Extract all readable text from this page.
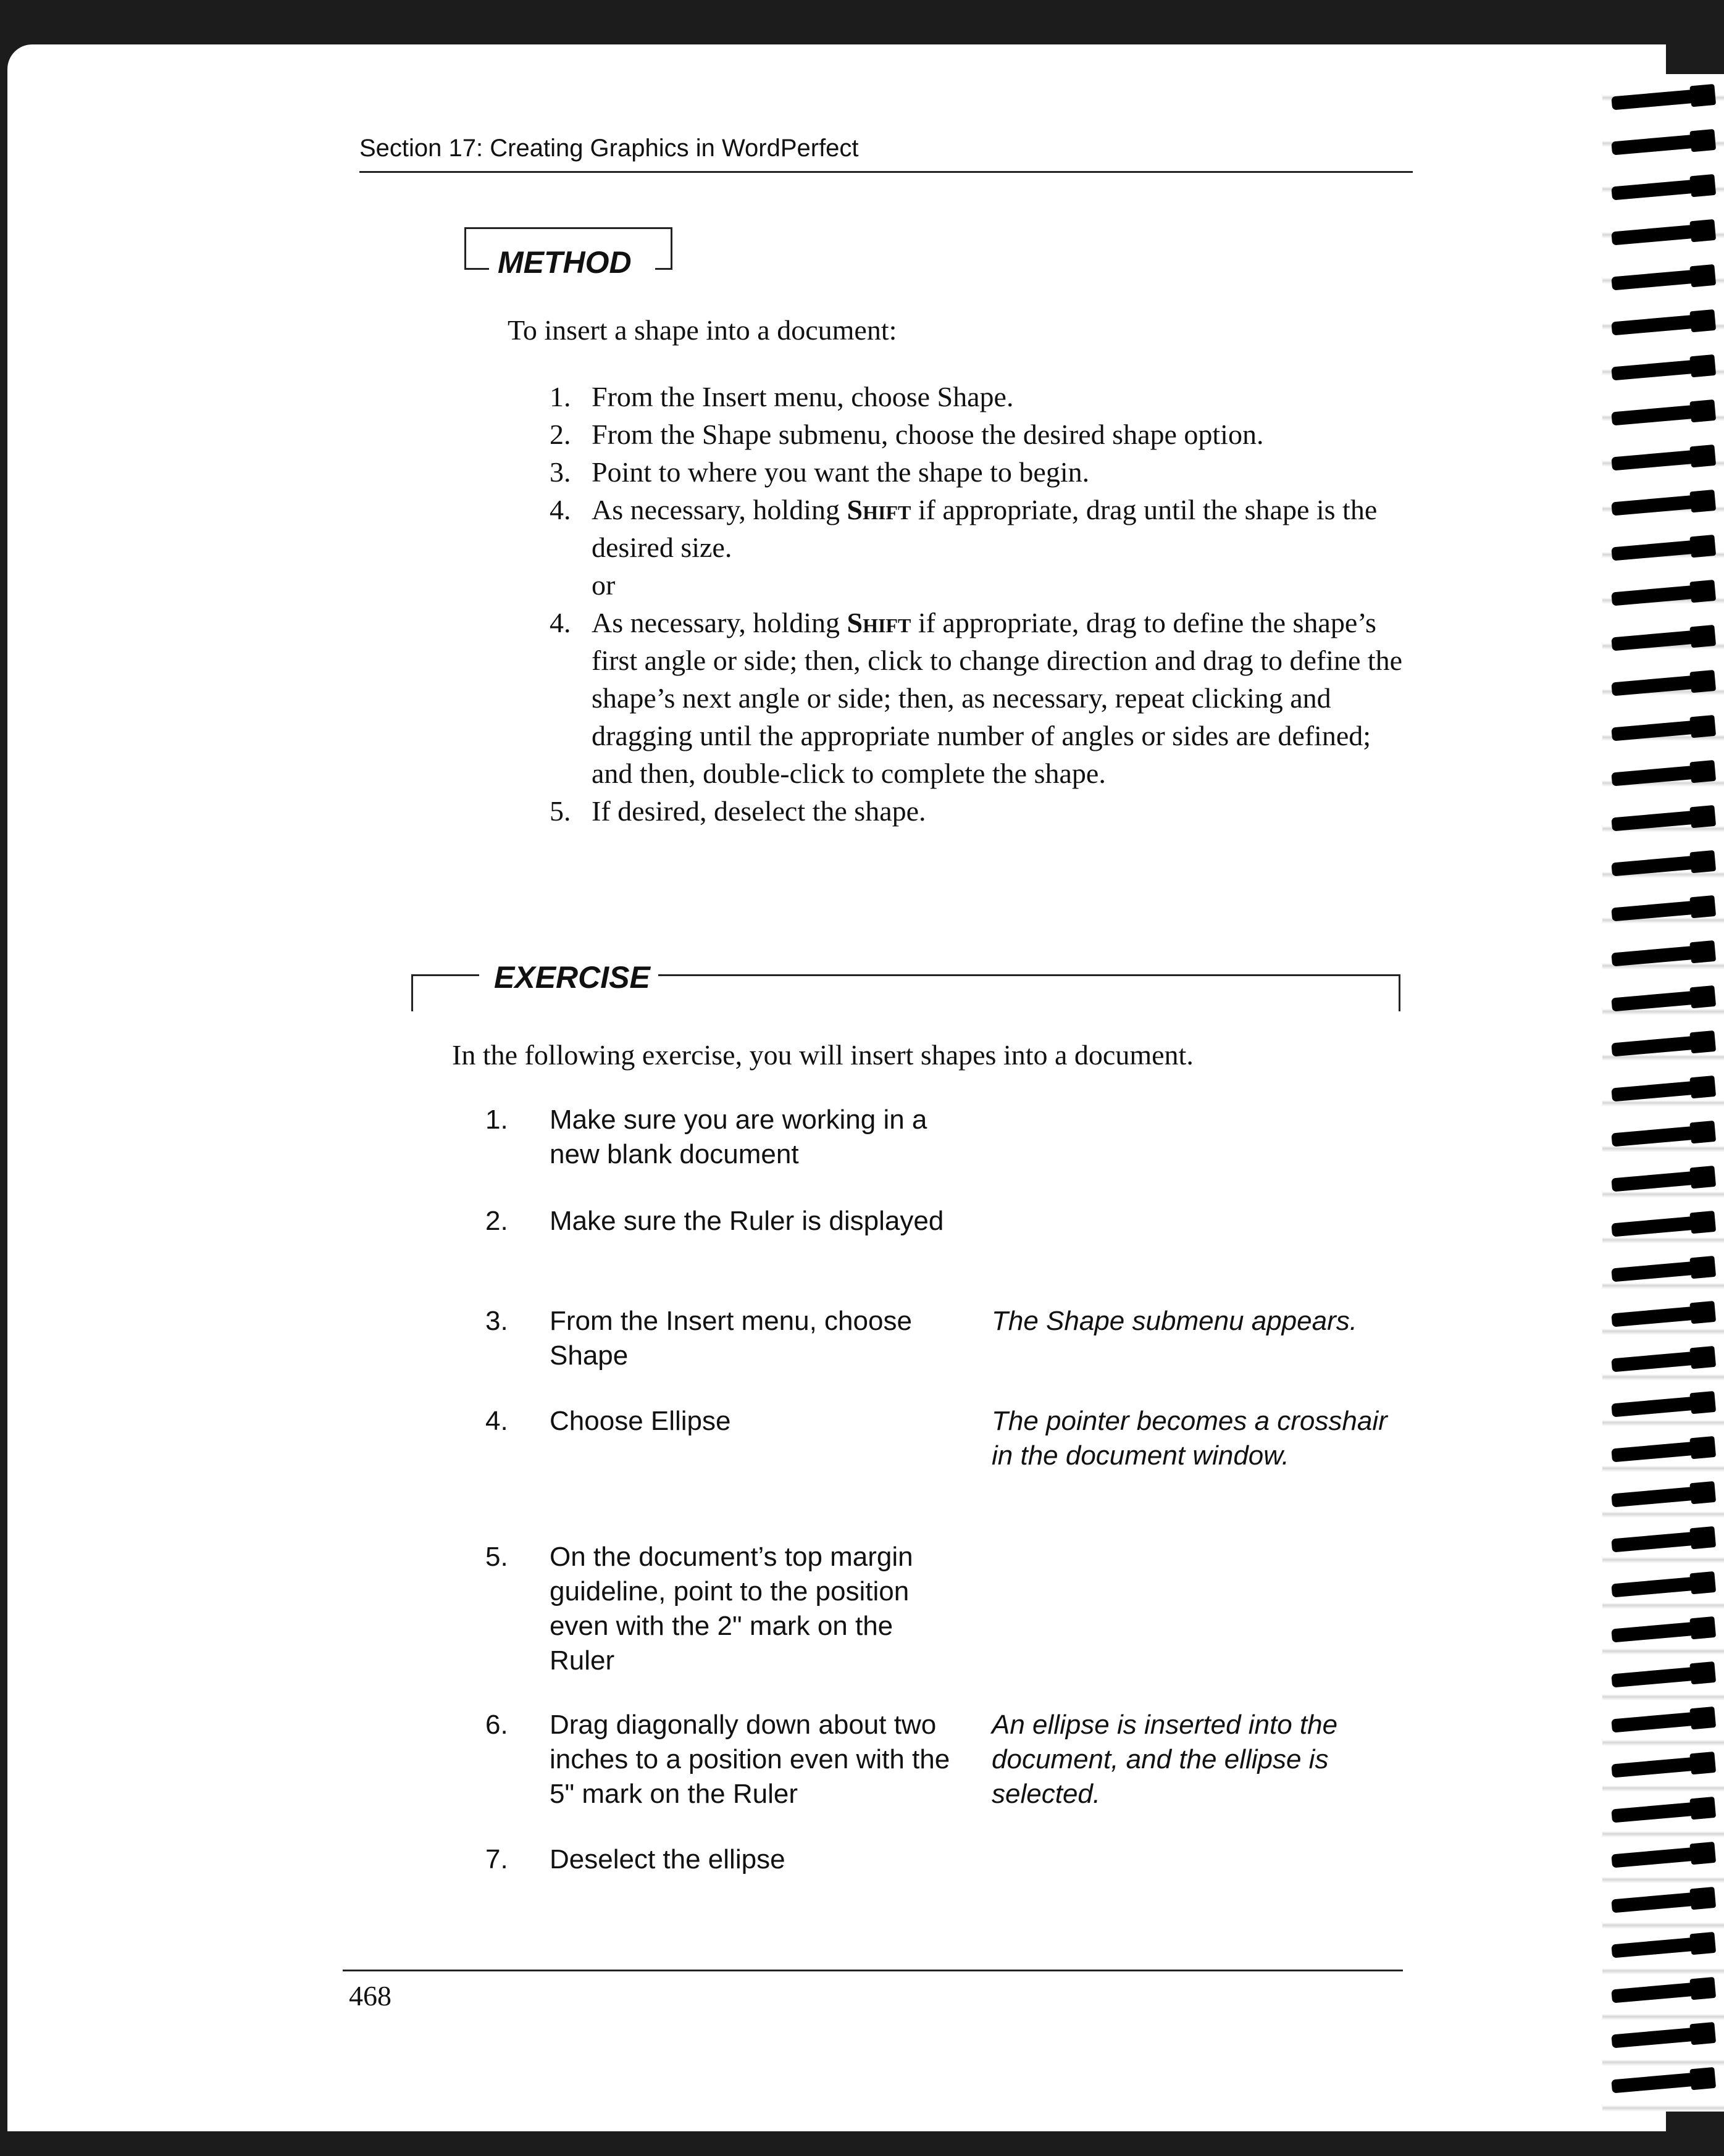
Section 17: Creating Graphics in WordPerfect
METHOD
To insert a shape into a document:
1. From the Insert menu, choose Shape.
2. From the Shape submenu, choose the desired shape option.
3. Point to where you want the shape to begin.
4. As necessary, holding Shift if appropriate, drag until the shape is the desired size.
or
4. As necessary, holding Shift if appropriate, drag to define the shape’s first angle or side; then, click to change direction and drag to define the shape’s next angle or side; then, as necessary, repeat clicking and dragging until the appropriate number of angles or sides are defined; and then, double-click to complete the shape.
5. If desired, deselect the shape.
EXERCISE
In the following exercise, you will insert shapes into a document.
1. Make sure you are working in a new blank document
2. Make sure the Ruler is displayed
3. From the Insert menu, choose Shape
The Shape submenu appears.
4. Choose Ellipse	The pointer becomes a crosshair in the document window.
5. On the document’s top margin guideline, point to the position even with the 2" mark on the Ruler
6. Drag diagonally down about two inches to a position even with the 5" mark on the Ruler
An ellipse is inserted into the document, and the ellipse is selected.
7. Deselect the ellipse
468
